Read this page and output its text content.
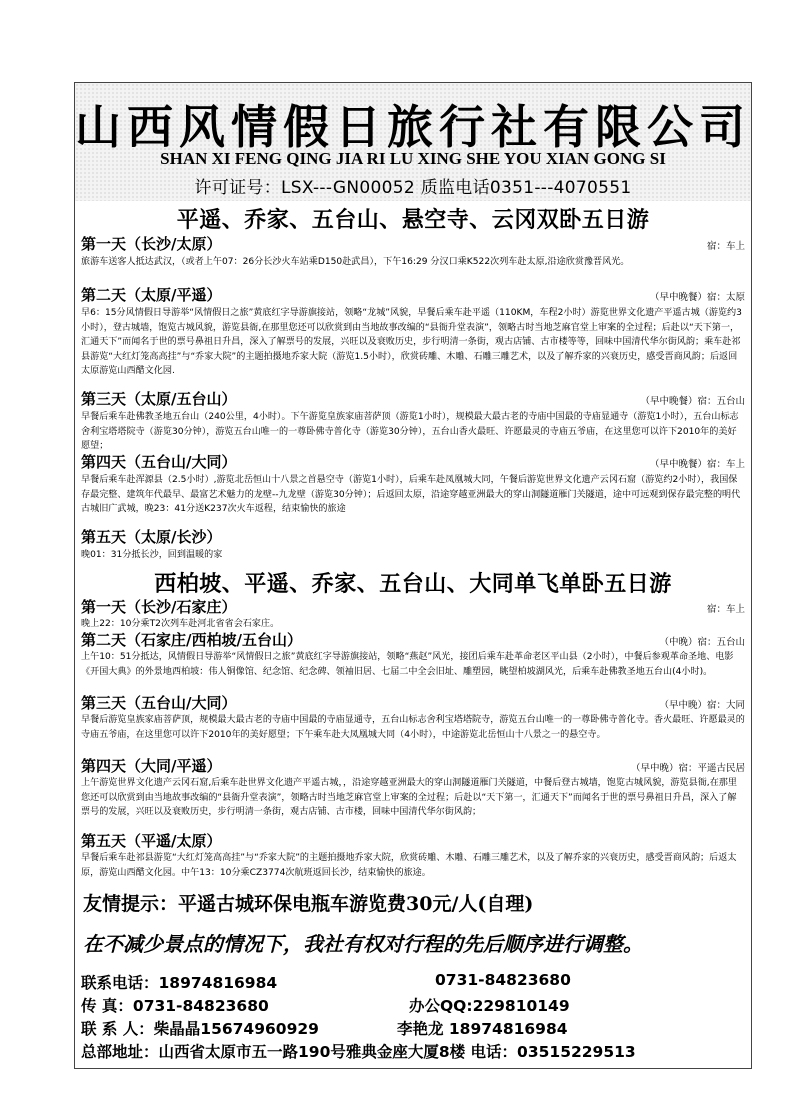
山西风情假日旅行社有限公司
SHAN XI FENG QING JIA RI LU XING SHE YOU XIAN GONG SI
许可证号：LSX---GN00052 质监电话0351---4070551
平遥、乔家、五台山、悬空寺、云冈双卧五日游
第一天（长沙/太原）	宿：车上
旅游车送客人抵达武汉，（或者上午07：26分长沙火车站乘D150赴武昌），下午16:29 分汉口乘K522次列车赴太原,沿途欣赏豫晋风光。
第二天（太原/平遥）	（早中晚餐）宿：太原
早6：15分风情假日导游举“风情假日之旅”黄底红字导游旗接站，领略“龙城”风貌，早餐后乘车赴平遥（110KM，车程2小时）游览世界文化遗产平遥古城（游览约3小时），登古城墙，饱览古城风貌，游览县衙,在那里您还可以欣赏到由当地故事改编的“县衙升堂表演”，领略古时当地芝麻官堂上审案的全过程；后赴以“天下第一，汇通天下”而闻名于世的票号鼻祖日升昌，深入了解票号的发展，兴旺以及衰败历史，步行明清一条街，观古店铺、古市楼等等，回味中国清代华尔街风韵；乘车赴祁县游览“大红灯笼高高挂”与“乔家大院”的主题拍摄地乔家大院（游览1.5小时），欣赏砖雕、木雕、石雕三雕艺术，以及了解乔家的兴衰历史，感受晋商风韵；后返回太原游览山西醋文化园.
第三天（太原/五台山）	（早中晚餐）宿：五台山
早餐后乘车赴佛教圣地五台山（240公里，4小时）。下午游览皇族家庙菩萨顶（游览1小时），规模最大最古老的寺庙中国最的寺庙显通寺（游览1小时），五台山标志舍利宝塔塔院寺（游览30分钟），游览五台山唯一的一尊卧佛寺普化寺（游览30分钟），五台山香火最旺、许愿最灵的寺庙五爷庙，在这里您可以许下2010年的美好愿望；
第四天（五台山/大同）	（早中晚餐）宿：车上
早餐后乘车赴浑源县（2.5小时）,游览北岳恒山十八景之首悬空寺（游览1小时），后乘车赴凤凰城大同，午餐后游览世界文化遗产云冈石窟（游览约2小时），我国保存最完整、建筑年代最早、最富艺术魅力的龙壁--九龙壁（游览30分钟）；后返回太原，沿途穿越亚洲最大的穿山洞隧道雁门关隧道，途中可远观到保存最完整的明代古城旧广武城，晚23：41分送K237次火车返程，结束愉快的旅途
第五天（太原/长沙）
晚01：31分抵长沙，回到温暖的家
西柏坡、平遥、乔家、五台山、大同单飞单卧五日游
第一天（长沙/石家庄）	宿：车上
晚上22：10分乘T2次列车赴河北省省会石家庄。
第二天（石家庄/西柏坡/五台山）	（中晚）宿：五台山
上午10：51分抵达，风情假日导游举“风情假日之旅”黄底红字导游旗接站，领略“燕赵”风光，接团后乘车赴革命老区平山县（2小时），中餐后参观革命圣地、电影《开国大典》的外景地西柏坡：伟人铜像馆、纪念馆、纪念碑、领袖旧居、七届二中全会旧址、雕塑园，眺望柏坡湖风光，后乘车赴佛教圣地五台山(4小时)。
第三天（五台山/大同）	（早中晚）宿：大同
早餐后游览皇族家庙菩萨顶，规模最大最古老的寺庙中国最的寺庙显通寺，五台山标志舍利宝塔塔院寺，游览五台山唯一的一尊卧佛寺普化寺。香火最旺、许愿最灵的寺庙五爷庙，在这里您可以许下2010年的美好愿望；下午乘车赴大凤凰城大同（4小时），中途游览北岳恒山十八景之一的悬空寺。
第四天（大同/平遥）	（早中晚）宿：平遥古民居
上午游览世界文化遗产云冈石窟,后乘车赴世界文化遗产平遥古城，，沿途穿越亚洲最大的穿山洞隧道雁门关隧道，中餐后登古城墙，饱览古城风貌，游览县衙,在那里您还可以欣赏到由当地故事改编的“县衙升堂表演”，领略古时当地芝麻官堂上审案的全过程；后赴以“天下第一，汇通天下”而闻名于世的票号鼻祖日升昌，深入了解票号的发展，兴旺以及衰败历史，步行明清一条街，观古店铺、古市楼，回味中国清代华尔街风韵；
第五天（平遥/太原）
早餐后乘车赴祁县游览“大红灯笼高高挂”与“乔家大院”的主题拍摄地乔家大院，欣赏砖雕、木雕、石雕三雕艺术，以及了解乔家的兴衰历史，感受晋商风韵；后返太原，游览山西醋文化园。中午13：10分乘CZ3774次航班返回长沙，结束愉快的旅途。
友情提示：平遥古城环保电瓶车游览费30元/人(自理)
在不减少景点的情况下，我社有权对行程的先后顺序进行调整。
联系电话：18974816984	0731-84823680
传 真：0731-84823680	办公QQ:229810149
联 系 人：柴晶晶15674960929	李艳龙 18974816984
总部地址：山西省太原市五一路190号雅典金座大厦8楼 电话：03515229513
